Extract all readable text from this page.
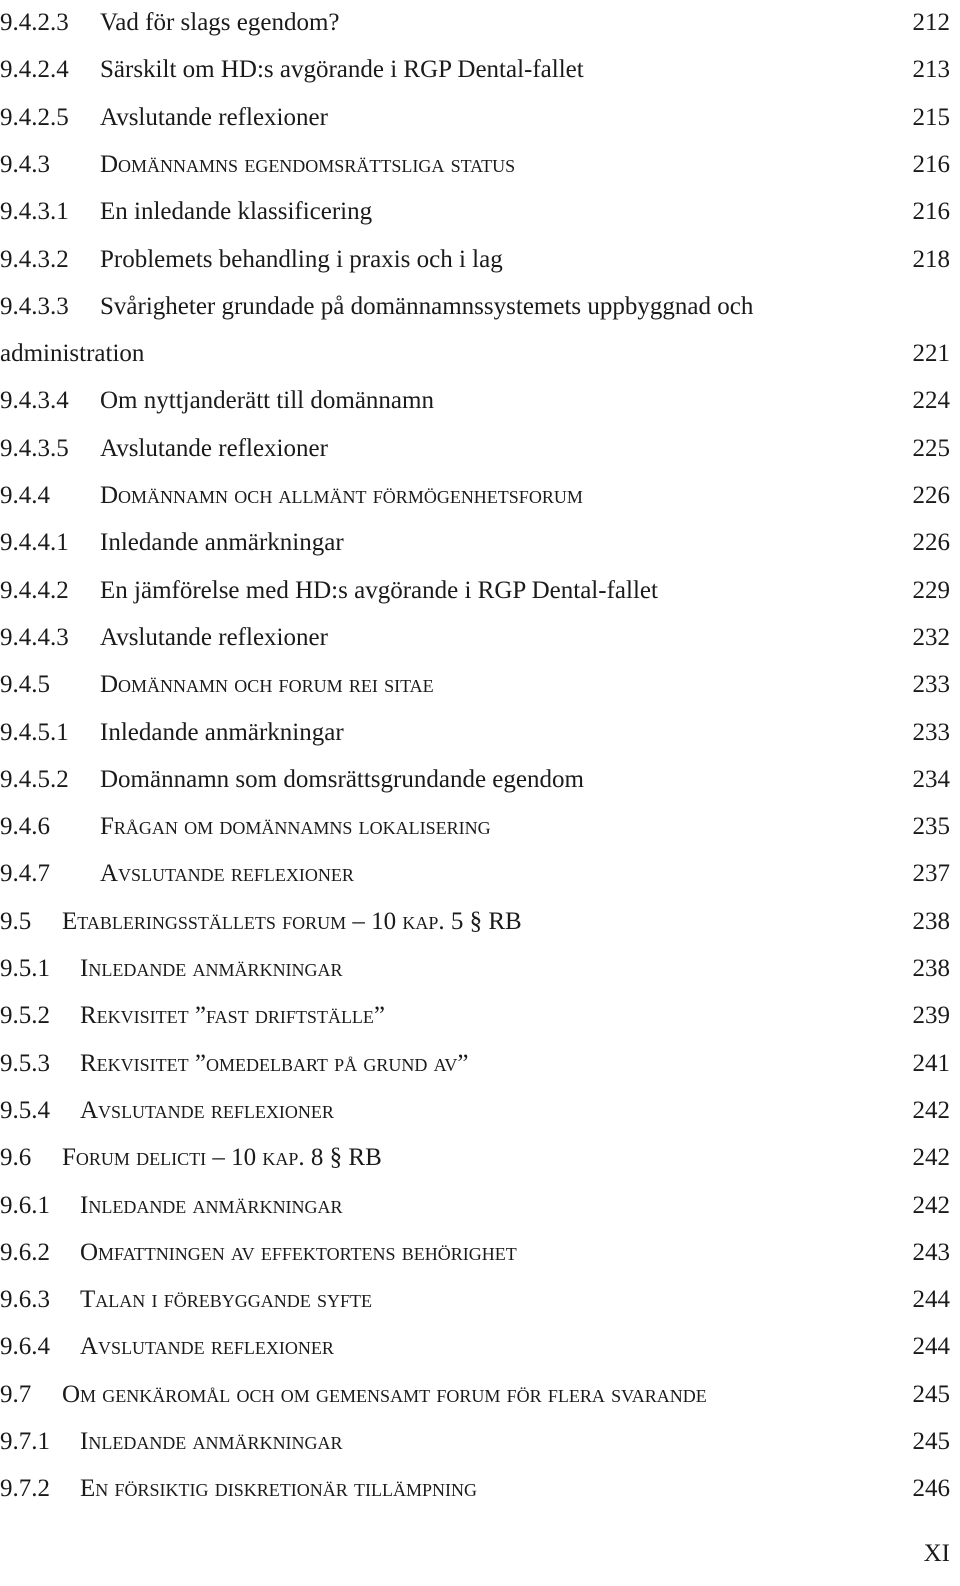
9.4.2.3 Vad för slags egendom?	212
9.4.2.4 Särskilt om HD:s avgörande i RGP Dental-fallet	213
9.4.2.5 Avslutande reflexioner	215
9.4.3 Domännamns egendomsrättsliga status	216
9.4.3.1 En inledande klassificering	216
9.4.3.2 Problemets behandling i praxis och i lag	218
9.4.3.3 Svårigheter grundade på domännamnssystemets uppbyggnad och
administration	221
9.4.3.4 Om nyttjanderätt till domännamn	224
9.4.3.5 Avslutande reflexioner	225
9.4.4 Domännamn och allmänt förmögenhetsforum	226
9.4.4.1 Inledande anmärkningar	226
9.4.4.2 En jämförelse med HD:s avgörande i RGP Dental-fallet	229
9.4.4.3 Avslutande reflexioner	232
9.4.5 Domännamn och forum rei sitae	233
9.4.5.1 Inledande anmärkningar	233
9.4.5.2 Domännamn som domsrättsgrundande egendom	234
9.4.6 Frågan om domännamns lokalisering	235
9.4.7 Avslutande reflexioner	237
9.5 Etableringsställets forum – 10 kap. 5 § RB	238
9.5.1 Inledande anmärkningar	238
9.5.2 Rekvisitet ”fast driftställe”	239
9.5.3 Rekvisitet ”omedelbart på grund av”	241
9.5.4 Avslutande reflexioner	242
9.6 Forum delicti – 10 kap. 8 § RB	242
9.6.1 Inledande anmärkningar	242
9.6.2 Omfattningen av effektortens behörighet	243
9.6.3 Talan i förebyggande syfte	244
9.6.4 Avslutande reflexioner	244
9.7 Om genkäromål och om gemensamt forum för flera svarande	245
9.7.1 Inledande anmärkningar	245
9.7.2 En försiktig diskretionär tillämpning	246
XI
